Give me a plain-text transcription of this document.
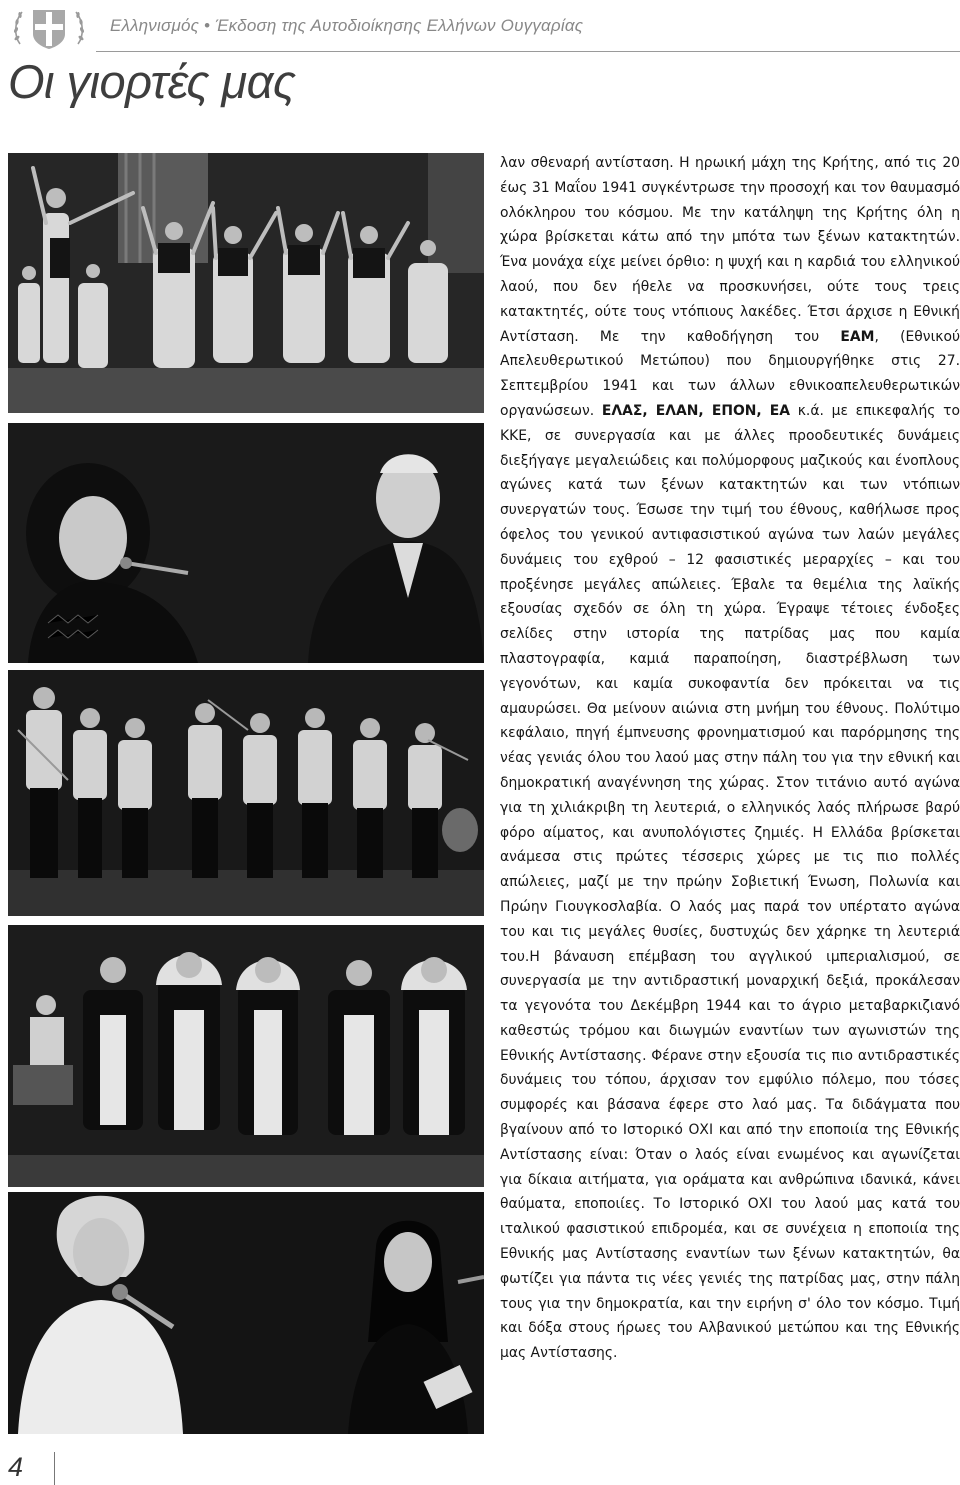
Ελληνισμός • Έκδοση της Αυτοδιοίκησης Ελλήνων Ουγγαρίας
Οι γιορτές μας

λαν σθεναρή αντίσταση. Η ηρωική μάχη της Κρήτης, από τις 20 έως 31 Μαΐου 1941 συγκέντρωσε την προσοχή και τον θαυμασμό ολόκληρου του κόσμου. Με την κατάληψη της Κρήτης όλη η χώρα βρίσκεται κάτω από την μπότα των ξένων κατακτητών. Ένα μονάχα είχε μείνει όρθιο: η ψυχή και η καρδιά του ελληνικού λαού, που δεν ήθελε να προσκυνήσει, ούτε τους τρεις κατακτητές, ούτε τους ντόπιους λακέδες. Έτσι άρχισε η Εθνική Αντίσταση. Με την καθοδήγηση του ΕΑΜ, (Εθνικού Απελευθερωτικού Μετώπου) που δημιουργήθηκε στις 27. Σεπτεμβρίου 1941 και των άλλων εθνικοαπελευθερωτικών οργανώσεων. ΕΛΑΣ, ΕΛΑΝ, ΕΠΟΝ, ΕΑ κ.ά. με επικεφαλής το ΚΚΕ, σε συνεργασία και με άλλες προοδευτικές δυνάμεις διεξήγαγε μεγαλειώδεις και πολύμορφους μαζικούς και ένοπλους αγώνες κατά των ξένων κατακτητών και των ντόπιων συνεργατών τους. Έσωσε την τιμή του έθνους, καθήλωσε προς όφελος του γενικού αντιφασιστικού αγώνα των λαών μεγάλες δυνάμεις του εχθρού – 12 φασιστικές μεραρχίες – και του προξένησε μεγάλες απώλειες. Έβαλε τα θεμέλια της λαϊκής εξουσίας σχεδόν σε όλη τη χώρα. Έγραψε τέτοιες ένδοξες σελίδες στην ιστορία της πατρίδας μας που καμία πλαστογραφία, καμιά παραποίηση, διαστρέβλωση των γεγονότων, και καμία συκοφαντία δεν πρόκειται να τις αμαυρώσει. Θα μείνουν αιώνια στη μνήμη του έθνους. Πολύτιμο κεφάλαιο, πηγή έμπνευσης φρονηματισμού και παρόρμησης της νέας γενιάς όλου του λαού μας στην πάλη του για την εθνική και δημοκρατική αναγέννηση της χώρας. Στον τιτάνιο αυτό αγώνα για τη χιλιάκριβη τη λευτεριά, ο ελληνικός λαός πλήρωσε βαρύ φόρο αίματος, και ανυπολόγιστες ζημιές. Η Ελλάδα βρίσκεται ανάμεσα στις πρώτες τέσσερις χώρες με τις πιο πολλές απώλειες, μαζί με την πρώην Σοβιετική Ένωση, Πολωνία και Πρώην Γιουγκοσλαβία. Ο λαός μας παρά τον υπέρτατο αγώνα του και τις μεγάλες θυσίες, δυστυχώς δεν χάρηκε τη λευτεριά του.Η βάναυση επέμβαση του αγγλικού ιμπεριαλισμού, σε συνεργασία με την αντιδραστική μοναρχική δεξιά, προκάλεσαν τα γεγονότα του Δεκέμβρη 1944 και το άγριο μεταβαρκιζιανό καθεστώς τρόμου και διωγμών εναντίων των αγωνιστών της Εθνικής Αντίστασης. Φέρανε στην εξουσία τις πιο αντιδραστικές δυνάμεις του τόπου, άρχισαν τον εμφύλιο πόλεμο, που τόσες συμφορές και βάσανα έφερε στο λαό μας. Τα διδάγματα που βγαίνουν από το Ιστορικό ΟΧΙ και από την εποποιία της Εθνικής Αντίστασης είναι: Όταν ο λαός είναι ενωμένος και αγωνίζεται για δίκαια αιτήματα, για οράματα και ανθρώπινα ιδανικά, κάνει θαύματα, εποποιίες. Το Ιστορικό ΟΧΙ του λαού μας κατά του ιταλικού φασιστικού επιδρομέα, και σε συνέχεια η εποποιία της Εθνικής μας Αντίστασης εναντίων των ξένων κατακτητών, θα φωτίζει για πάντα τις νέες γενιές της πατρίδας μας, στην πάλη τους για την δημοκρατία, και την ειρήνη σ' όλο τον κόσμο. Τιμή και δόξα στους ήρωες του Αλβανικού μετώπου και της Εθνικής μας Αντίστασης.

4
